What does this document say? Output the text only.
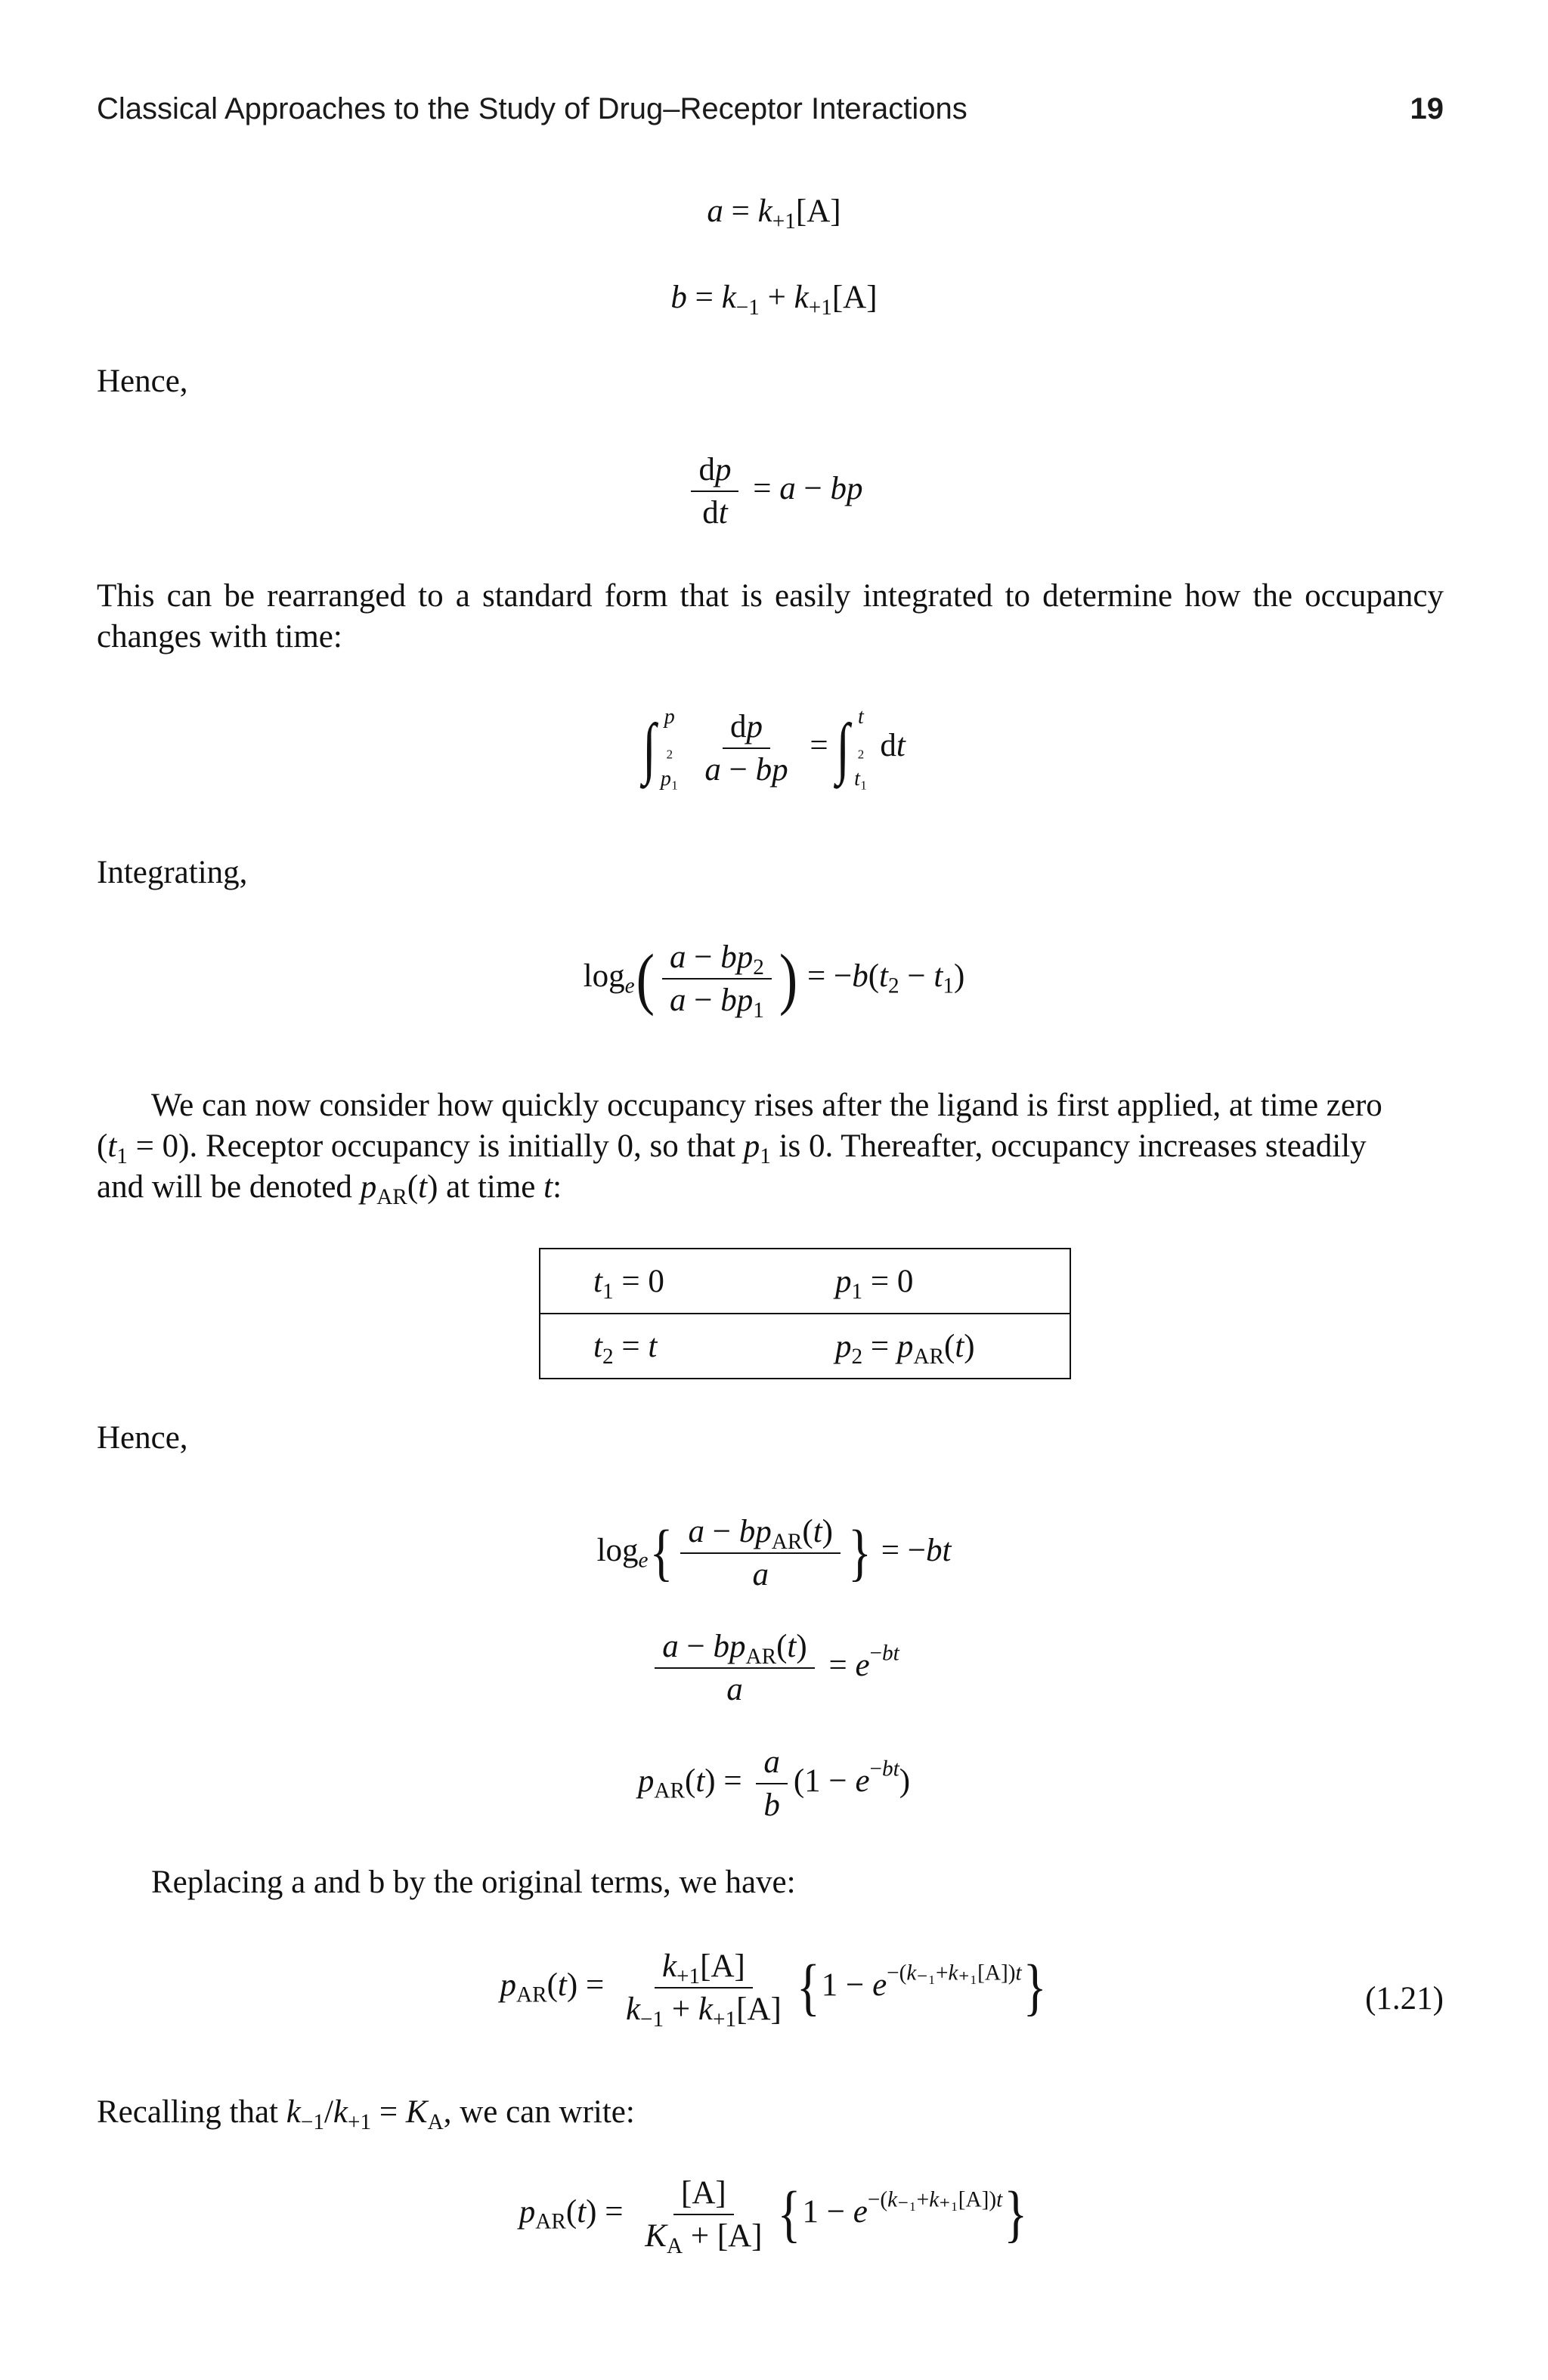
Classical Approaches to the Study of Drug–Receptor Interactions	19
$a = k_{+1}[A]$
$b = k_{-1} + k_{+1}[A]$
Hence,
$\frac{dp}{dt} = a$ − bp

This can be rearranged to a standard form that is easily integrated to determine how the occupancy changes with time:

∫ p
₂
p₁
$\frac{dp}{a - bp}$ = ∫ t
₂
t₁
dt
Integrating,
$\log_e( \frac{a - bp_2}{a - bp_1}$ ) = $-b(t_2 - t_1)$

We can now consider how quickly occupancy rises after the ligand is first applied, at time zero
$(t_1 = 0)$. Receptor occupancy is initially 0, so that $p_1$ is 0. Thereafter, occupancy increases steadily
and will be denoted $p_{AR}(t)$ at time t:

$t_1 = 0$	$p_1 = 0$
$t_2 = t$	$p_2 = p_{AR}(t)$
Hence,
$\log_e\{ \frac{a - bp_{AR}(t)}{a}$ } = −bt
$\frac{a - bp_{AR}(t)}{a} = e^{-bt}$
$p_{AR}(t) = \frac{a}{b} (1 - e^{-bt})$

Replacing a and b by the original terms, we have:

$p_{AR}(t) = \frac{k_{+1}[A]}{k_{-1} + k_{+1}[A]} \{1 - e^{-(k_{-1}+k_{+1}[A])t}\}$	(1.21)

Recalling that $k_{-1}/k_{+1} = K_A$, we can write:

$p_{AR}(t) = \frac{[A]}{K_A + [A]} \{1 - e^{-(k_{-1}+k_{+1}[A])t}\}$
